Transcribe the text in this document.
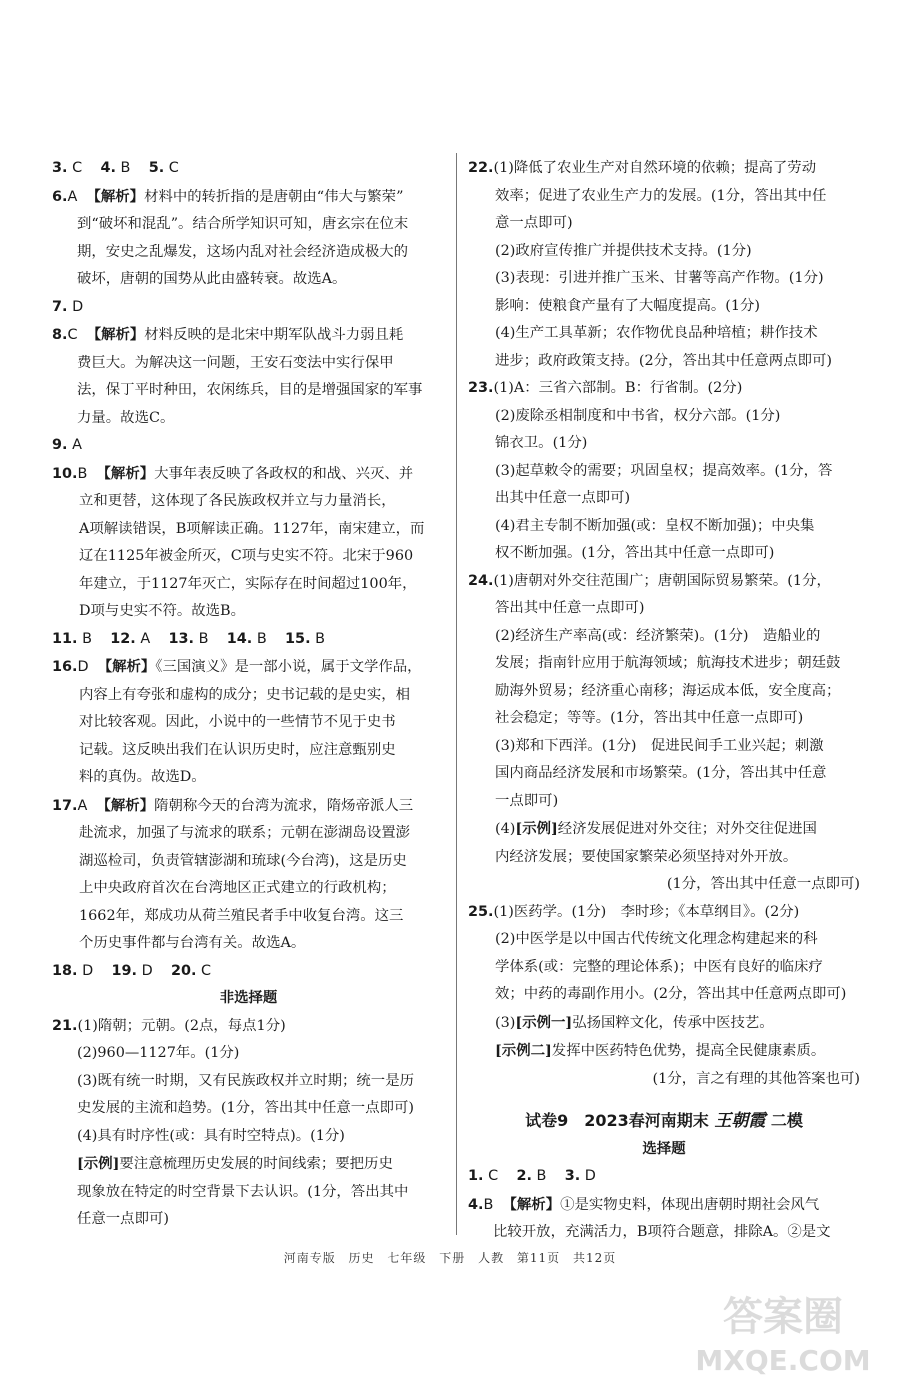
3. C 4. B 5. C
6.A 【解析】材料中的转折指的是唐朝由“伟大与繁荣”
到“破坏和混乱”。结合所学知识可知，唐玄宗在位末
期，安史之乱爆发，这场内乱对社会经济造成极大的
破坏，唐朝的国势从此由盛转衰。故选A。
7. D
8.C 【解析】材料反映的是北宋中期军队战斗力弱且耗
费巨大。为解决这一问题，王安石变法中实行保甲
法，保丁平时种田，农闲练兵，目的是增强国家的军事
力量。故选C。
9. A
10.B 【解析】大事年表反映了各政权的和战、兴灭、并
立和更替，这体现了各民族政权并立与力量消长，
A项解读错误，B项解读正确。1127年，南宋建立，而
辽在1125年被金所灭，C项与史实不符。北宋于960
年建立，于1127年灭亡，实际存在时间超过100年，
D项与史实不符。故选B。
11. B 12. A 13. B 14. B 15. B
16.D 【解析】《三国演义》是一部小说，属于文学作品，
内容上有夸张和虚构的成分；史书记载的是史实，相
对比较客观。因此，小说中的一些情节不见于史书
记载。这反映出我们在认识历史时，应注意甄别史
料的真伪。故选D。
17.A 【解析】隋朝称今天的台湾为流求，隋炀帝派人三
赴流求，加强了与流求的联系；元朝在澎湖岛设置澎
湖巡检司，负责管辖澎湖和琉球(今台湾)，这是历史
上中央政府首次在台湾地区正式建立的行政机构；
1662年，郑成功从荷兰殖民者手中收复台湾。这三
个历史事件都与台湾有关。故选A。
18. D 19. D 20. C
非选择题
21.(1)隋朝；元朝。(2点，每点1分)
(2)960—1127年。(1分)
(3)既有统一时期，又有民族政权并立时期；统一是历
史发展的主流和趋势。(1分，答出其中任意一点即可)
(4)具有时序性(或：具有时空特点)。(1分)
[示例]要注意梳理历史发展的时间线索；要把历史
现象放在特定的时空背景下去认识。(1分，答出其中
任意一点即可)
22.(1)降低了农业生产对自然环境的依赖；提高了劳动
效率；促进了农业生产力的发展。(1分，答出其中任
意一点即可)
(2)政府宣传推广并提供技术支持。(1分)
(3)表现：引进并推广玉米、甘薯等高产作物。(1分)
影响：使粮食产量有了大幅度提高。(1分)
(4)生产工具革新；农作物优良品种培植；耕作技术
进步；政府政策支持。(2分，答出其中任意两点即可)
23.(1)A：三省六部制。B：行省制。(2分)
(2)废除丞相制度和中书省，权分六部。(1分)
锦衣卫。(1分)
(3)起草敕令的需要；巩固皇权；提高效率。(1分，答
出其中任意一点即可)
(4)君主专制不断加强(或：皇权不断加强)；中央集
权不断加强。(1分，答出其中任意一点即可)
24.(1)唐朝对外交往范围广；唐朝国际贸易繁荣。(1分，
答出其中任意一点即可)
(2)经济生产率高(或：经济繁荣)。(1分)　造船业的
发展；指南针应用于航海领域；航海技术进步；朝廷鼓
励海外贸易；经济重心南移；海运成本低，安全度高；
社会稳定；等等。(1分，答出其中任意一点即可)
(3)郑和下西洋。(1分)　促进民间手工业兴起；刺激
国内商品经济发展和市场繁荣。(1分，答出其中任意
一点即可)
(4)[示例]经济发展促进对外交往；对外交往促进国
内经济发展；要使国家繁荣必须坚持对外开放。
(1分，答出其中任意一点即可)
25.(1)医药学。(1分)　李时珍；《本草纲目》。(2分)
(2)中医学是以中国古代传统文化理念构建起来的科
学体系(或：完整的理论体系)；中医有良好的临床疗
效；中药的毒副作用小。(2分，答出其中任意两点即可)
(3)[示例一]弘扬国粹文化，传承中医技艺。
[示例二]发挥中医药特色优势，提高全民健康素质。
(1分，言之有理的其他答案也可)
试卷9　2023春河南期末 王朝霞 二模
选择题
1. C 2. B 3. D
4.B 【解析】①是实物史料，体现出唐朝时期社会风气
比较开放，充满活力，B项符合题意，排除A。②是文
河南专版 历史 七年级 下册 人教 第11页 共12页
答案圈
MXQE.COM
